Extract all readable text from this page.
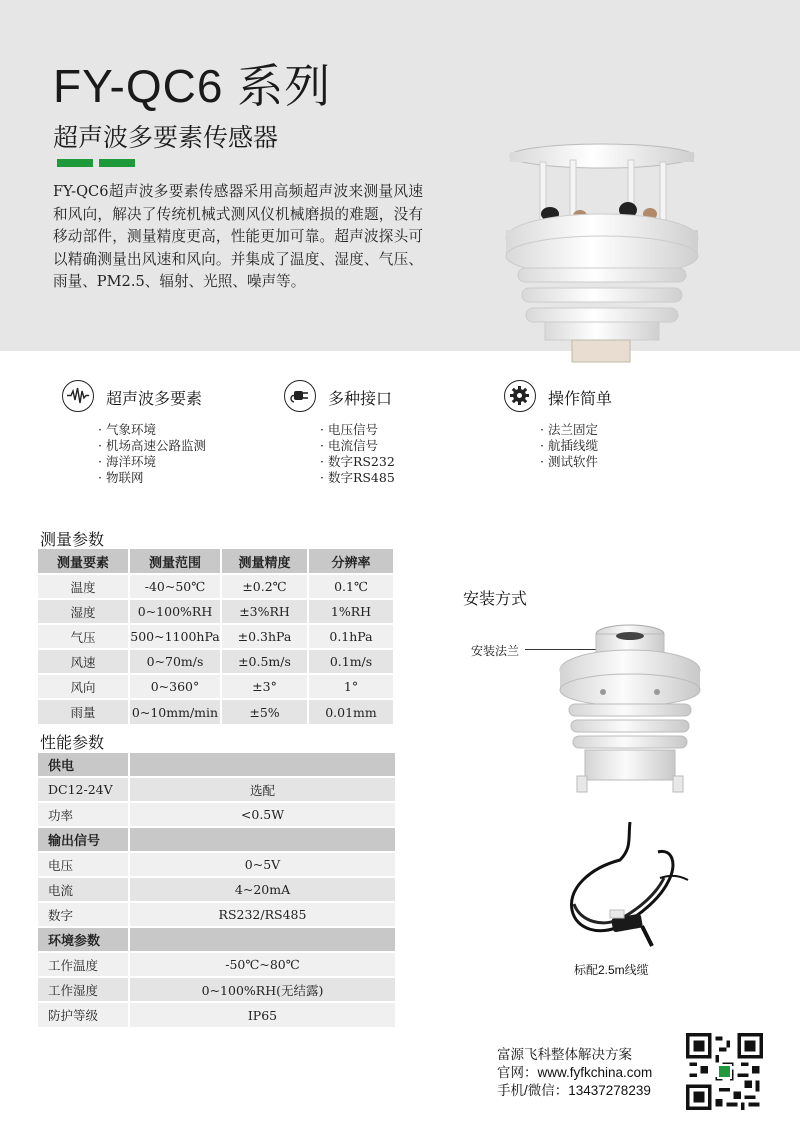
FY-QC6 系列
超声波多要素传感器
FY-QC6超声波多要素传感器采用高频超声波来测量风速和风向，解决了传统机械式测风仪机械磨损的难题，没有移动部件，测量精度更高，性能更加可靠。超声波探头可以精确测量出风速和风向。并集成了温度、湿度、气压、雨量、PM2.5、辐射、光照、噪声等。
超声波多要素
· 气象环境
· 机场高速公路监测
· 海洋环境
· 物联网
多种接口
· 电压信号
· 电流信号
· 数字RS232
· 数字RS485
操作简单
· 法兰固定
· 航插线缆
· 测试软件
测量参数
测量要素	测量范围	测量精度	分辨率
温度	-40~50℃	±0.2℃	0.1℃
湿度	0~100%RH	±3%RH	1%RH
气压	500~1100hPa	±0.3hPa	0.1hPa
风速	0~70m/s	±0.5m/s	0.1m/s
风向	0~360°	±3°	1°
雨量	0~10mm/min	±5%	0.01mm
性能参数
供电	
DC12-24V	选配
功率	<0.5W
输出信号	
电压	0~5V
电流	4~20mA
数字	RS232/RS485
环境参数	
工作温度	-50℃~80℃
工作湿度	0~100%RH(无结露)
防护等级	IP65
安装方式
安装法兰
标配2.5m线缆
富源飞科整体解决方案
官网：www.fyfkchina.com
手机/微信：13437278239
